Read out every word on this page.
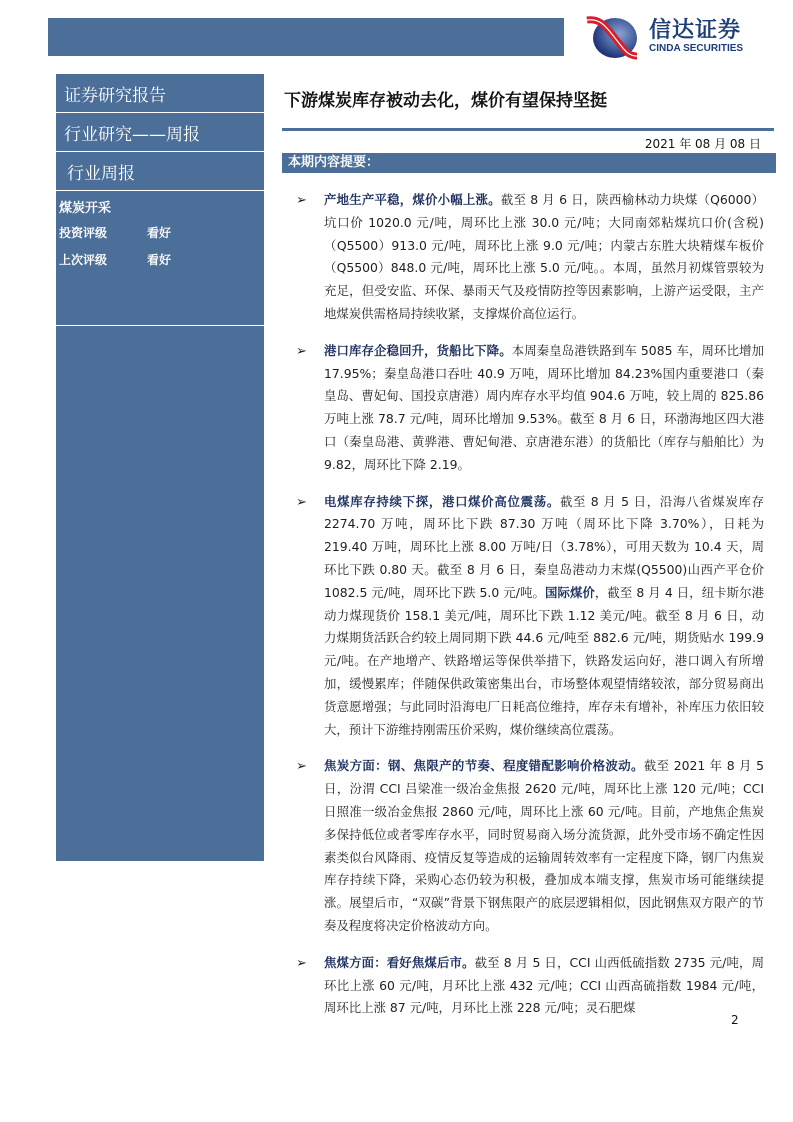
信达证券
CINDA SECURITIES
证券研究报告
行业研究——周报
行业周报
煤炭开采
投资评级	看好
上次评级	看好
下游煤炭库存被动去化，煤价有望保持坚挺
2021 年 08 月 08 日
本期内容提要：
➢	产地生产平稳，煤价小幅上涨。截至 8 月 6 日，陕西榆林动力块煤（Q6000）坑口价 1020.0 元/吨，周环比上涨 30.0 元/吨；大同南郊粘煤坑口价(含税)（Q5500）913.0 元/吨，周环比上涨 9.0 元/吨；内蒙古东胜大块精煤车板价（Q5500）848.0 元/吨，周环比上涨 5.0 元/吨。。本周，虽然月初煤管票较为充足，但受安监、环保、暴雨天气及疫情防控等因素影响，上游产运受限，主产地煤炭供需格局持续收紧，支撑煤价高位运行。
➢	港口库存企稳回升，货船比下降。本周秦皇岛港铁路到车 5085 车，周环比增加 17.95%；秦皇岛港口吞吐 40.9 万吨，周环比增加 84.23%国内重要港口（秦皇岛、曹妃甸、国投京唐港）周内库存水平均值 904.6 万吨，较上周的 825.86 万吨上涨 78.7 元/吨，周环比增加 9.53%。截至 8 月 6 日，环渤海地区四大港口（秦皇岛港、黄骅港、曹妃甸港、京唐港东港）的货船比（库存与船舶比）为 9.82，周环比下降 2.19。
➢	电煤库存持续下探，港口煤价高位震荡。截至 8 月 5 日，沿海八省煤炭库存 2274.70 万吨，周环比下跌 87.30 万吨（周环比下降 3.70%），日耗为 219.40 万吨，周环比上涨 8.00 万吨/日（3.78%），可用天数为 10.4 天，周环比下跌 0.80 天。截至 8 月 6 日，秦皇岛港动力末煤(Q5500)山西产平仓价 1082.5 元/吨，周环比下跌 5.0 元/吨。国际煤价，截至 8 月 4 日，纽卡斯尔港动力煤现货价 158.1 美元/吨，周环比下跌 1.12 美元/吨。截至 8 月 6 日，动力煤期货活跃合约较上周同期下跌 44.6 元/吨至 882.6 元/吨，期货贴水 199.9 元/吨。在产地增产、铁路增运等保供举措下，铁路发运向好，港口调入有所增加，缓慢累库；伴随保供政策密集出台，市场整体观望情绪较浓，部分贸易商出货意愿增强；与此同时沿海电厂日耗高位维持，库存未有增补，补库压力依旧较大，预计下游维持刚需压价采购，煤价继续高位震荡。
➢	焦炭方面：钢、焦限产的节奏、程度错配影响价格波动。截至 2021 年 8 月 5 日，汾渭 CCI 吕梁准一级冶金焦报 2620 元/吨，周环比上涨 120 元/吨；CCI 日照准一级冶金焦报 2860 元/吨，周环比上涨 60 元/吨。目前，产地焦企焦炭多保持低位或者零库存水平，同时贸易商入场分流货源，此外受市场不确定性因素类似台风降雨、疫情反复等造成的运输周转效率有一定程度下降，钢厂内焦炭库存持续下降，采购心态仍较为积极，叠加成本端支撑，焦炭市场可能继续提涨。展望后市，“双碳”背景下钢焦限产的底层逻辑相似，因此钢焦双方限产的节奏及程度将决定价格波动方向。
➢	焦煤方面：看好焦煤后市。截至 8 月 5 日，CCI 山西低硫指数 2735 元/吨，周环比上涨 60 元/吨，月环比上涨 432 元/吨；CCI 山西高硫指数 1984 元/吨，周环比上涨 87 元/吨，月环比上涨 228 元/吨；灵石肥煤
2
